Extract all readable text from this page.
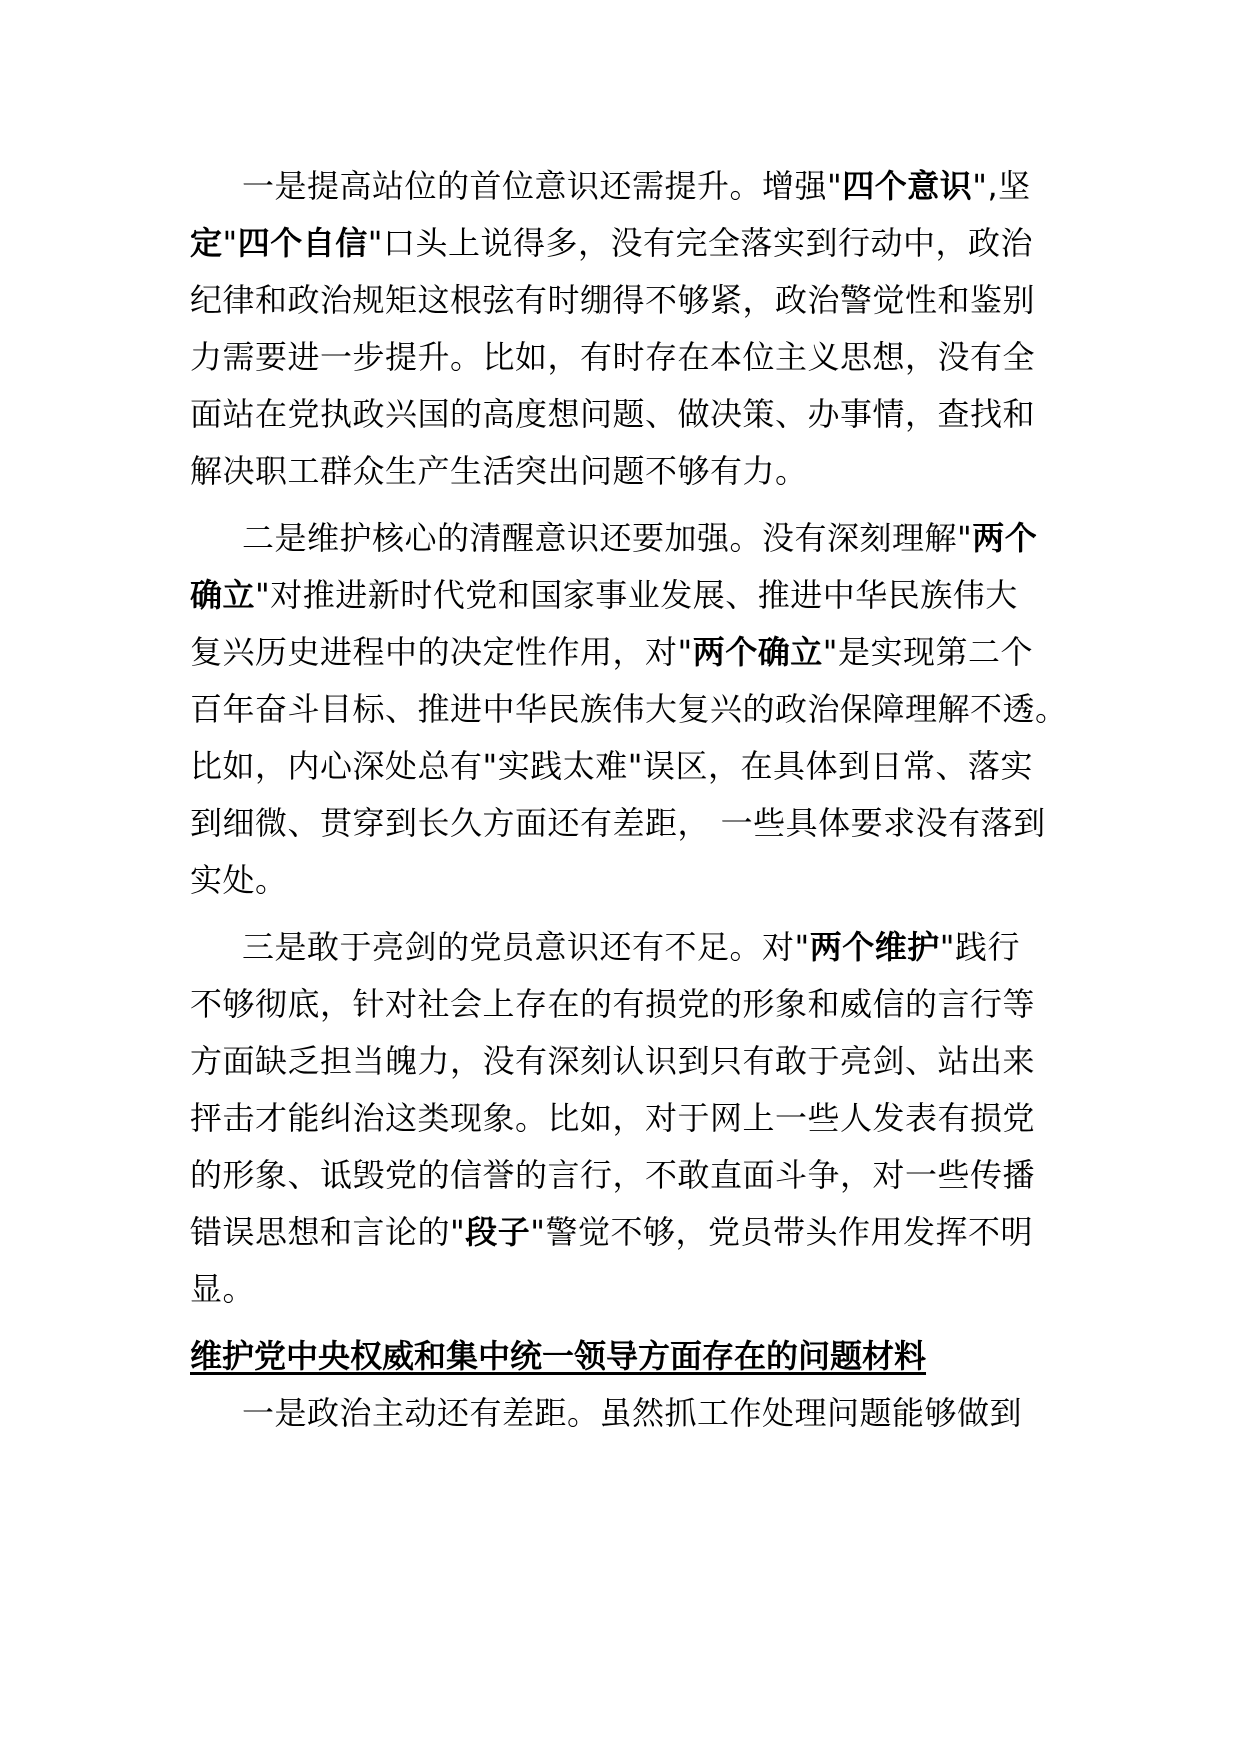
一是提高站位的首位意识还需提升。增强"四个意识",坚
定"四个自信"口头上说得多，没有完全落实到行动中，政治
纪律和政治规矩这根弦有时绷得不够紧，政治警觉性和鉴别
力需要进一步提升。比如，有时存在本位主义思想，没有全
面站在党执政兴国的高度想问题、做决策、办事情，查找和
解决职工群众生产生活突出问题不够有力。
二是维护核心的清醒意识还要加强。没有深刻理解"两个
确立"对推进新时代党和国家事业发展、推进中华民族伟大
复兴历史进程中的决定性作用，对"两个确立"是实现第二个
百年奋斗目标、推进中华民族伟大复兴的政治保障理解不透。
比如，内心深处总有"实践太难"误区，在具体到日常、落实
到细微、贯穿到长久方面还有差距， 一些具体要求没有落到
实处。
三是敢于亮剑的党员意识还有不足。对"两个维护"践行
不够彻底，针对社会上存在的有损党的形象和威信的言行等
方面缺乏担当魄力，没有深刻认识到只有敢于亮剑、站出来
抨击才能纠治这类现象。比如，对于网上一些人发表有损党
的形象、诋毁党的信誉的言行，不敢直面斗争，对一些传播
错误思想和言论的"段子"警觉不够，党员带头作用发挥不明
显。
维护党中央权威和集中统一领导方面存在的问题材料
一是政治主动还有差距。虽然抓工作处理问题能够做到
